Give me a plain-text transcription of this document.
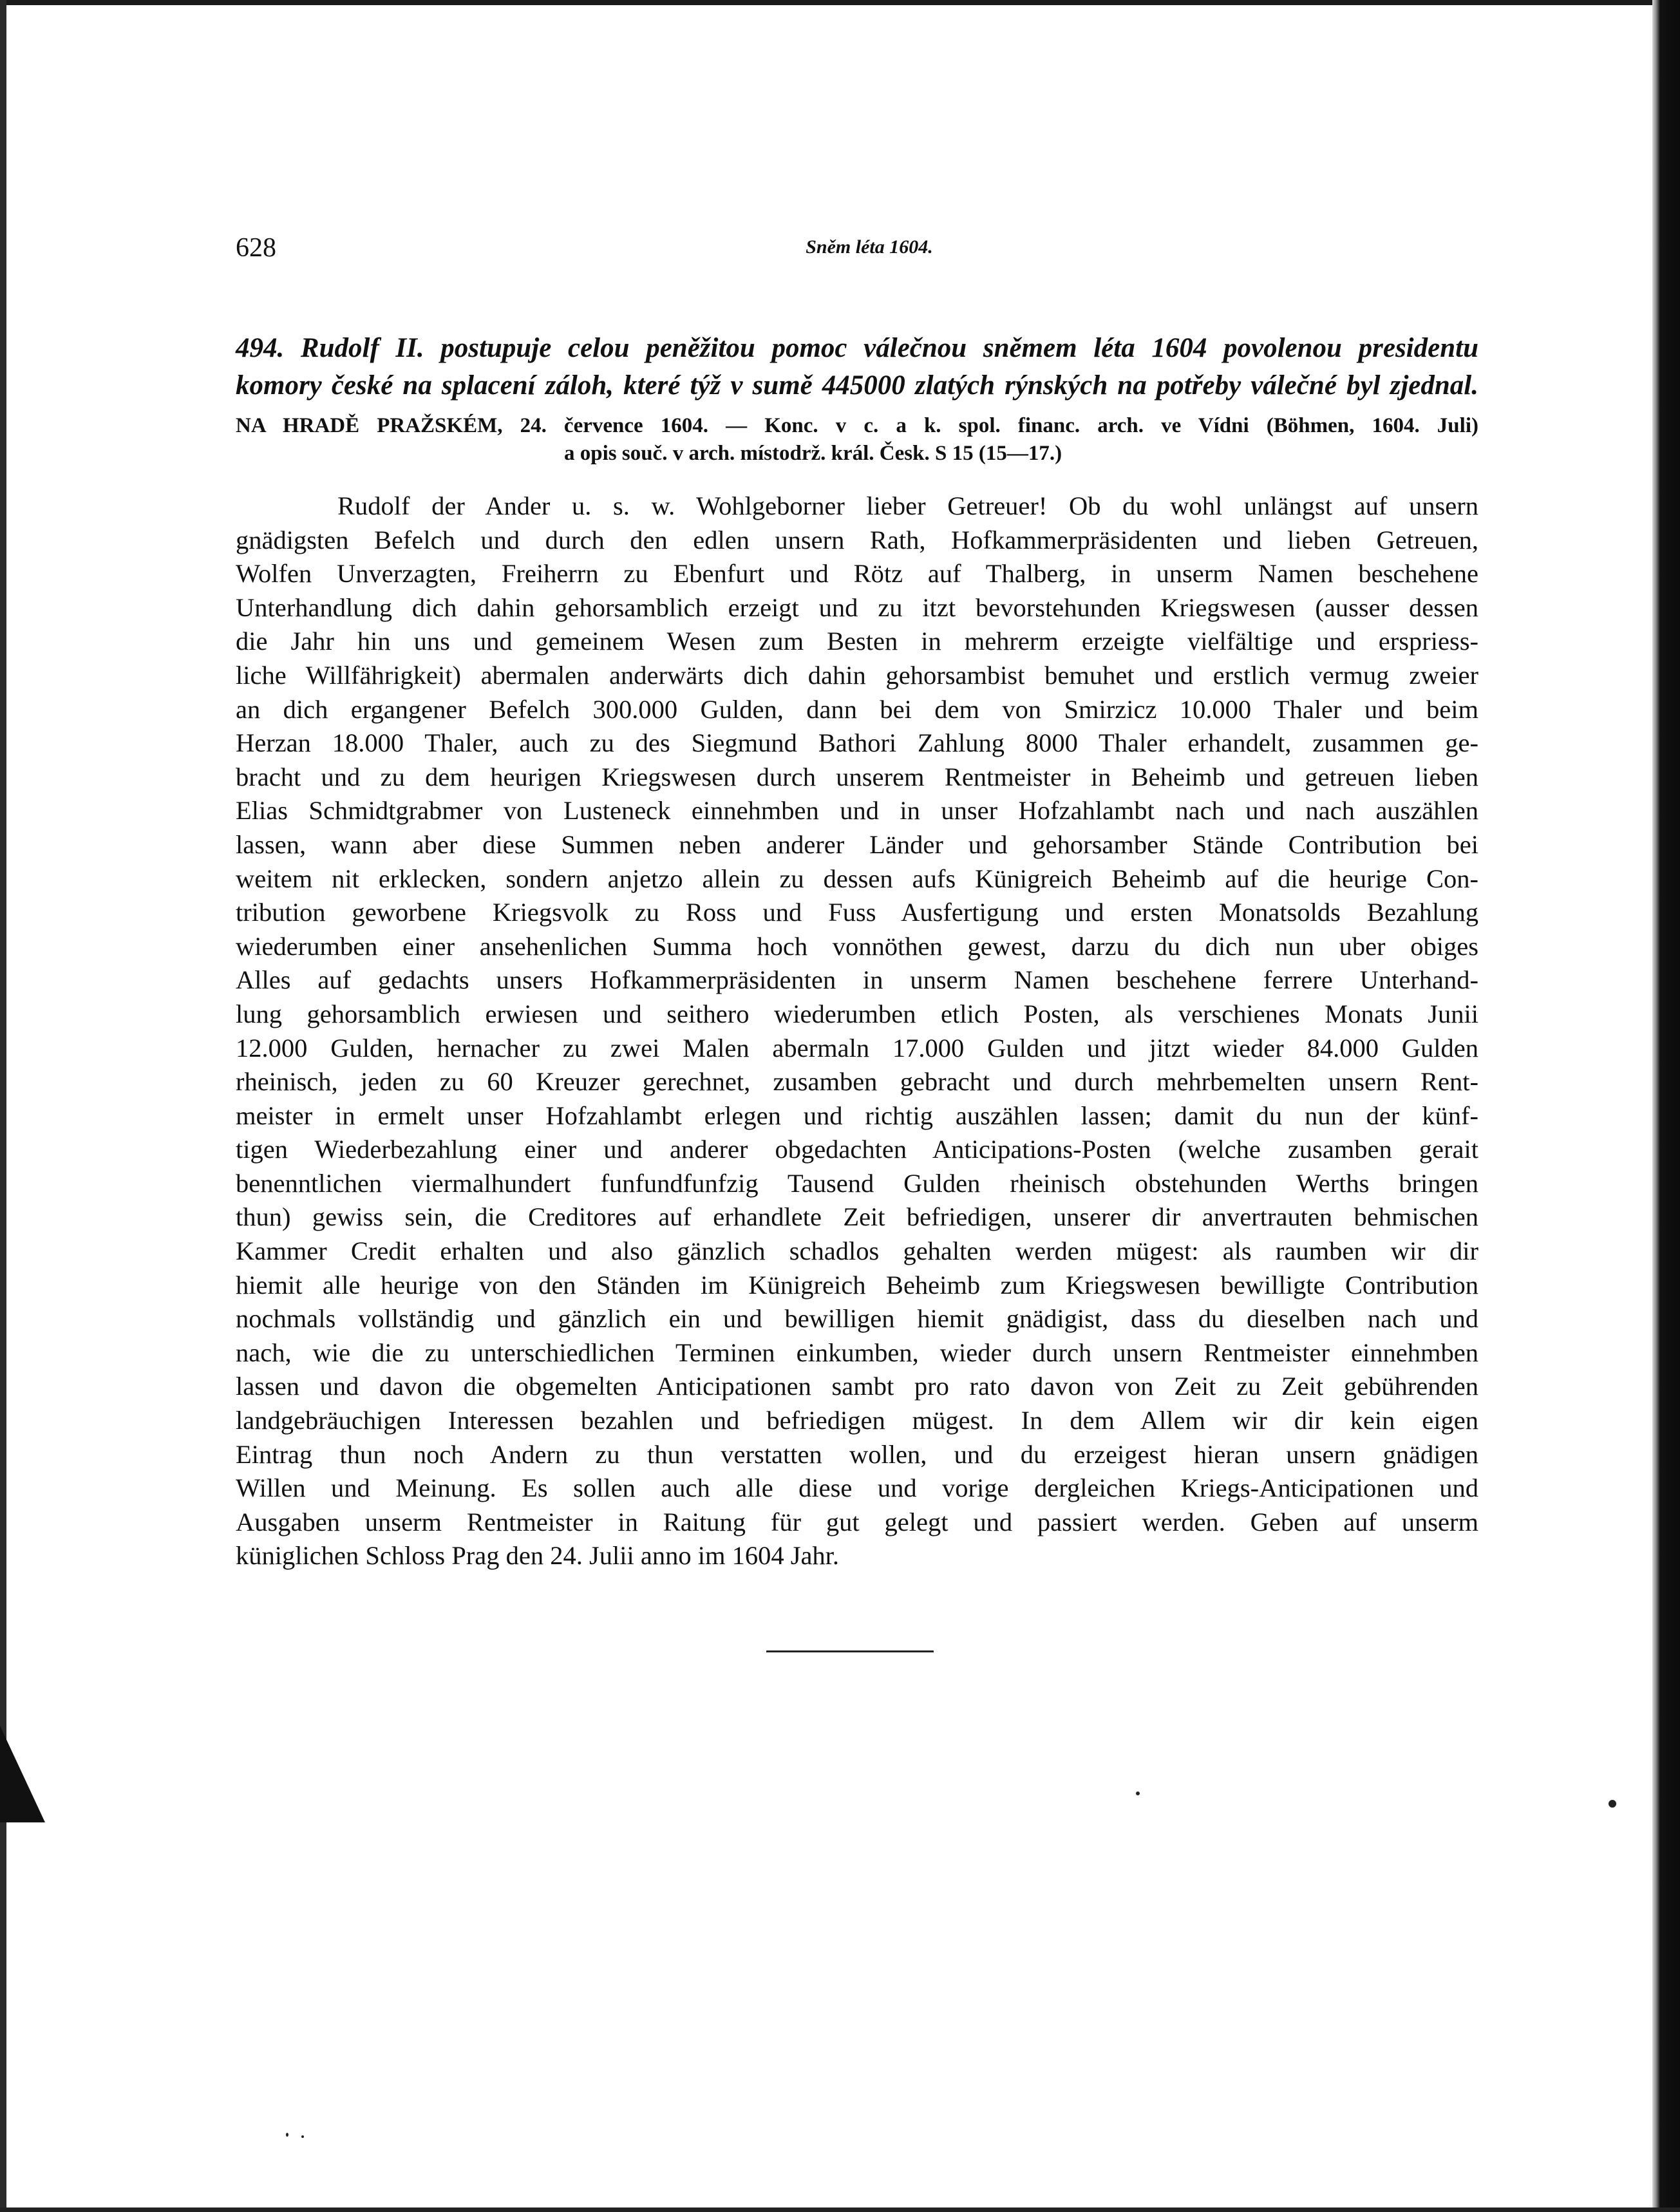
628	Sněm léta 1604.
494. Rudolf II. postupuje celou peněžitou pomoc válečnou sněmem léta 1604 povolenou presidentu
komory české na splacení záloh, které týž v sumě 445000 zlatých rýnských na potřeby válečné byl zjednal.
NA HRADĚ PRAŽSKÉM, 24. července 1604. — Konc. v c. a k. spol. financ. arch. ve Vídni (Böhmen, 1604. Juli)
a opis souč. v arch. místodrž. král. Česk. S 15 (15—17.)
Rudolf der Ander u. s. w. Wohlgeborner lieber Getreuer! Ob du wohl unlängst auf unsern
gnädigsten Befelch und durch den edlen unsern Rath, Hofkammerpräsidenten und lieben Getreuen,
Wolfen Unverzagten, Freiherrn zu Ebenfurt und Rötz auf Thalberg, in unserm Namen beschehene
Unterhandlung dich dahin gehorsamblich erzeigt und zu itzt bevorstehunden Kriegswesen (ausser dessen
die Jahr hin uns und gemeinem Wesen zum Besten in mehrerm erzeigte vielfältige und erspriess-
liche Willfährigkeit) abermalen anderwärts dich dahin gehorsambist bemuhet und erstlich vermug zweier
an dich ergangener Befelch 300.000 Gulden, dann bei dem von Smirzicz 10.000 Thaler und beim
Herzan 18.000 Thaler, auch zu des Siegmund Bathori Zahlung 8000 Thaler erhandelt, zusammen ge-
bracht und zu dem heurigen Kriegswesen durch unserem Rentmeister in Beheimb und getreuen lieben
Elias Schmidtgrabmer von Lusteneck einnehmben und in unser Hofzahlambt nach und nach auszählen
lassen, wann aber diese Summen neben anderer Länder und gehorsamber Stände Contribution bei
weitem nit erklecken, sondern anjetzo allein zu dessen aufs Künigreich Beheimb auf die heurige Con-
tribution geworbene Kriegsvolk zu Ross und Fuss Ausfertigung und ersten Monatsolds Bezahlung
wiederumben einer ansehenlichen Summa hoch vonnöthen gewest, darzu du dich nun uber obiges
Alles auf gedachts unsers Hofkammerpräsidenten in unserm Namen beschehene ferrere Unterhand-
lung gehorsamblich erwiesen und seithero wiederumben etlich Posten, als verschienes Monats Junii
12.000 Gulden, hernacher zu zwei Malen abermaln 17.000 Gulden und jitzt wieder 84.000 Gulden
rheinisch, jeden zu 60 Kreuzer gerechnet, zusamben gebracht und durch mehrbemelten unsern Rent-
meister in ermelt unser Hofzahlambt erlegen und richtig auszählen lassen; damit du nun der künf-
tigen Wiederbezahlung einer und anderer obgedachten Anticipations-Posten (welche zusamben gerait
benenntlichen viermalhundert funfundfunfzig Tausend Gulden rheinisch obstehunden Werths bringen
thun) gewiss sein, die Creditores auf erhandlete Zeit befriedigen, unserer dir anvertrauten behmischen
Kammer Credit erhalten und also gänzlich schadlos gehalten werden mügest: als raumben wir dir
hiemit alle heurige von den Ständen im Künigreich Beheimb zum Kriegswesen bewilligte Contribution
nochmals vollständig und gänzlich ein und bewilligen hiemit gnädigist, dass du dieselben nach und
nach, wie die zu unterschiedlichen Terminen einkumben, wieder durch unsern Rentmeister einnehmben
lassen und davon die obgemelten Anticipationen sambt pro rato davon von Zeit zu Zeit gebührenden
landgebräuchigen Interessen bezahlen und befriedigen mügest. In dem Allem wir dir kein eigen
Eintrag thun noch Andern zu thun verstatten wollen, und du erzeigest hieran unsern gnädigen
Willen und Meinung. Es sollen auch alle diese und vorige dergleichen Kriegs-Anticipationen und
Ausgaben unserm Rentmeister in Raitung für gut gelegt und passiert werden. Geben auf unserm
küniglichen Schloss Prag den 24. Julii anno im 1604 Jahr.
